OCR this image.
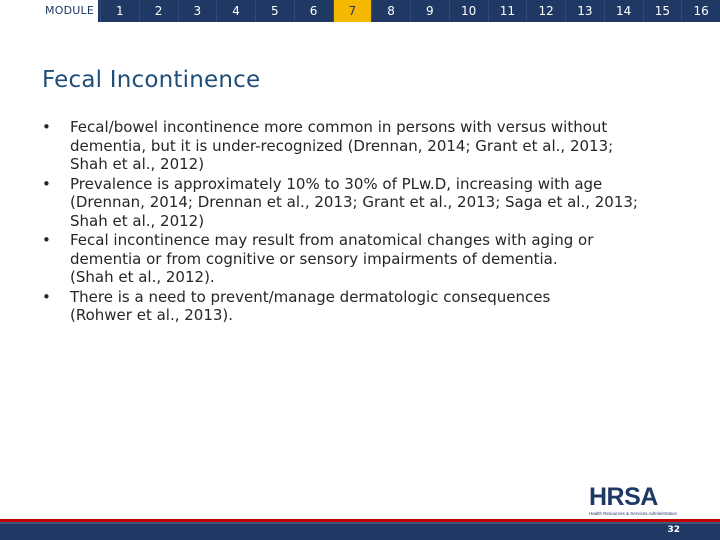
MODULE	1	2	3	4	5	6	7	8	9	10	11	12	13	14	15	16
Fecal Incontinence
• Fecal/bowel incontinence more common in persons with versus without
dementia, but it is under-recognized (Drennan, 2014; Grant et al., 2013;
Shah et al., 2012)
• Prevalence is approximately 10% to 30% of PLw.D, increasing with age
(Drennan, 2014; Drennan et al., 2013; Grant et al., 2013; Saga et al., 2013;
Shah et al., 2012)
• Fecal incontinence may result from anatomical changes with aging or
dementia or from cognitive or sensory impairments of dementia.
(Shah et al., 2012).
• There is a need to prevent/manage dermatologic consequences
(Rohwer et al., 2013).
HRSA
Health Resources & Services Administration
32
